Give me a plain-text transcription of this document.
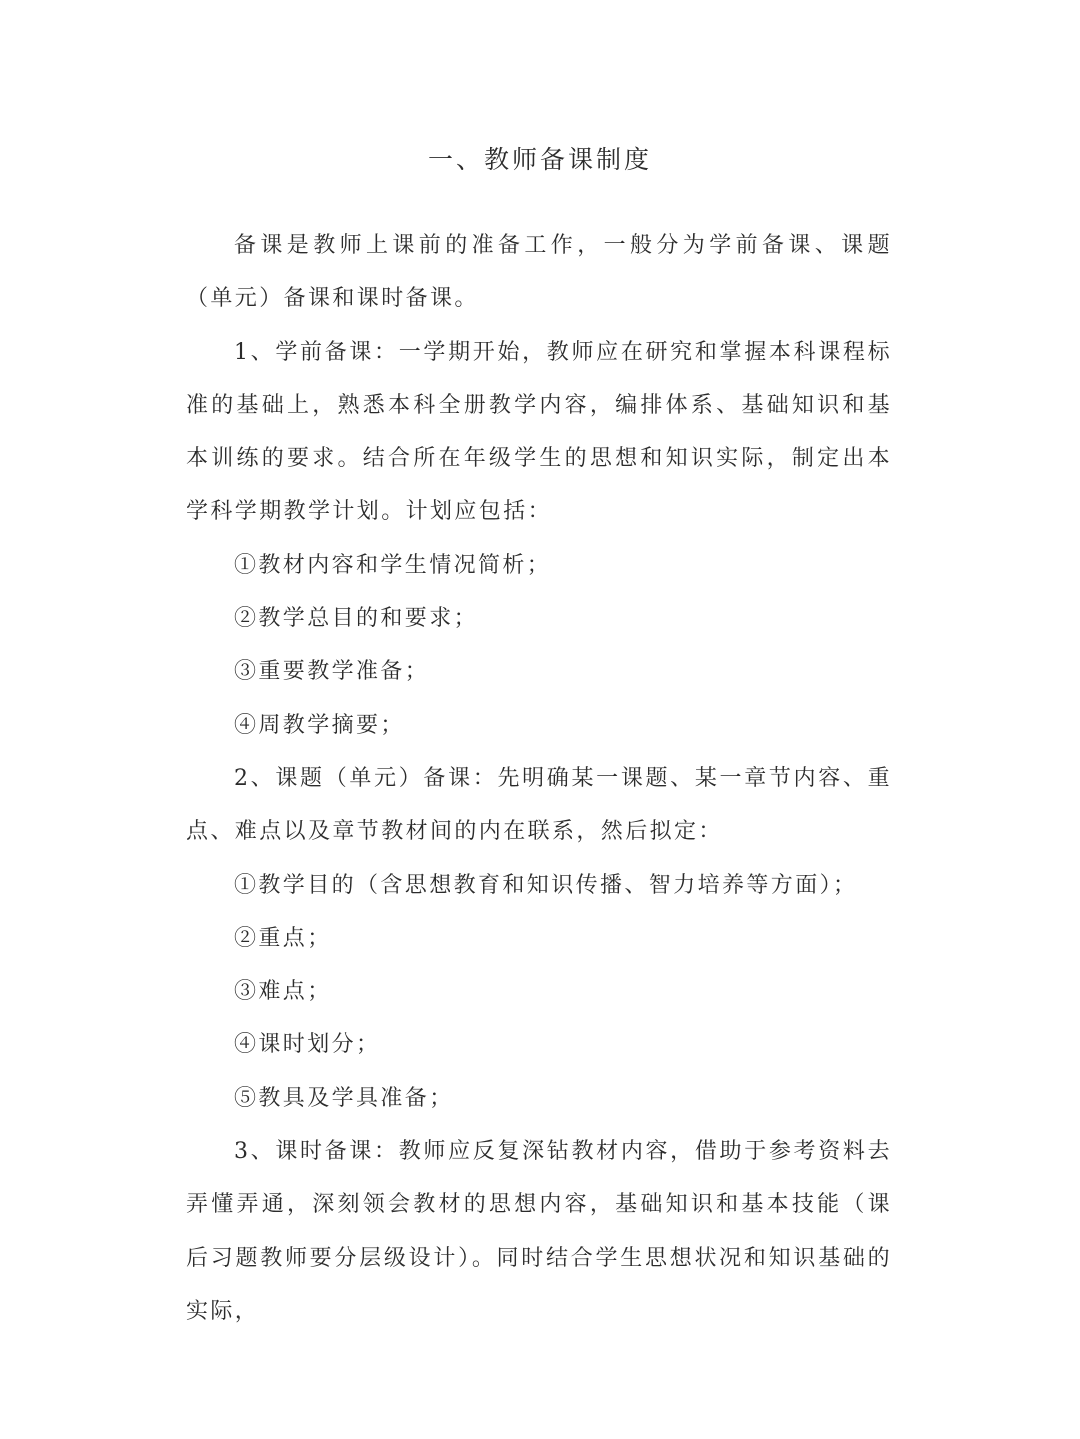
一、教师备课制度

备课是教师上课前的准备工作，一般分为学前备课、课题（单元）备课和课时备课。

1、学前备课：一学期开始，教师应在研究和掌握本科课程标准的基础上，熟悉本科全册教学内容，编排体系、基础知识和基本训练的要求。结合所在年级学生的思想和知识实际，制定出本学科学期教学计划。计划应包括：

①教材内容和学生情况简析；

②教学总目的和要求；

③重要教学准备；

④周教学摘要；

2、课题（单元）备课：先明确某一课题、某一章节内容、重点、难点以及章节教材间的内在联系，然后拟定：

①教学目的（含思想教育和知识传播、智力培养等方面）；

②重点；

③难点；

④课时划分；

⑤教具及学具准备；

3、课时备课：教师应反复深钻教材内容，借助于参考资料去弄懂弄通，深刻领会教材的思想内容，基础知识和基本技能（课后习题教师要分层级设计）。同时结合学生思想状况和知识基础的实际，
